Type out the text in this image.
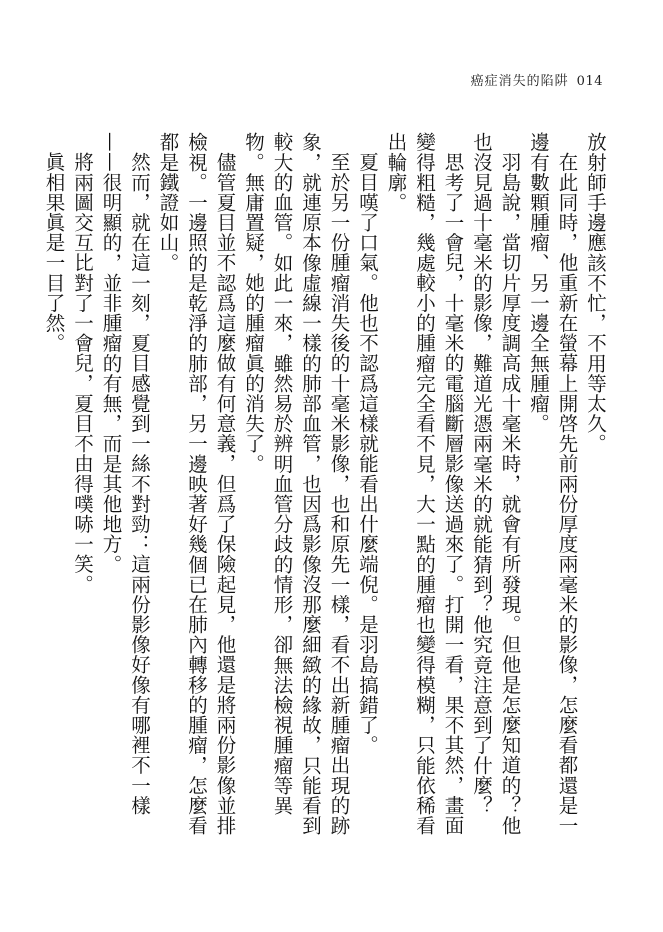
癌症消失的陷阱 014

放射師手邊應該不忙，不用等太久。

在此同時，他重新在螢幕上開啓先前兩份厚度兩毫米的影像，怎麼看都還是一邊有數顆腫瘤、另一邊全無腫瘤。

羽島說，當切片厚度調高成十毫米時，就會有所發現。但他是怎麼知道的？他也沒見過十毫米的影像，難道光憑兩毫米的就能猜到？他究竟注意到了什麼？

思考了一會兒，十毫米的電腦斷層影像送過來了。打開一看，果不其然，畫面變得粗糙，幾處較小的腫瘤完全看不見，大一點的腫瘤也變得模糊，只能依稀看出輪廓。

夏目嘆了口氣。他也不認爲這樣就能看出什麼端倪。是羽島搞錯了。

至於另一份腫瘤消失後的十毫米影像，也和原先一樣，看不出新腫瘤出現的跡象，就連原本像虛線一樣的肺部血管，也因爲影像沒那麼細緻的緣故，只能看到較大的血管。如此一來，雖然易於辨明血管分歧的情形，卻無法檢視腫瘤等異物。無庸置疑，她的腫瘤眞的消失了。

儘管夏目並不認爲這麼做有何意義，但爲了保險起見，他還是將兩份影像並排檢視。一邊照的是乾淨的肺部，另一邊映著好幾個已在肺內轉移的腫瘤，怎麼看都是鐵證如山。

然而，就在這一刻，夏目感覺到一絲不對勁：這兩份影像好像有哪裡不一樣——很明顯的，並非腫瘤的有無，而是其他地方。

將兩圖交互比對了一會兒，夏目不由得噗哧一笑。

眞相果眞是一目了然。
